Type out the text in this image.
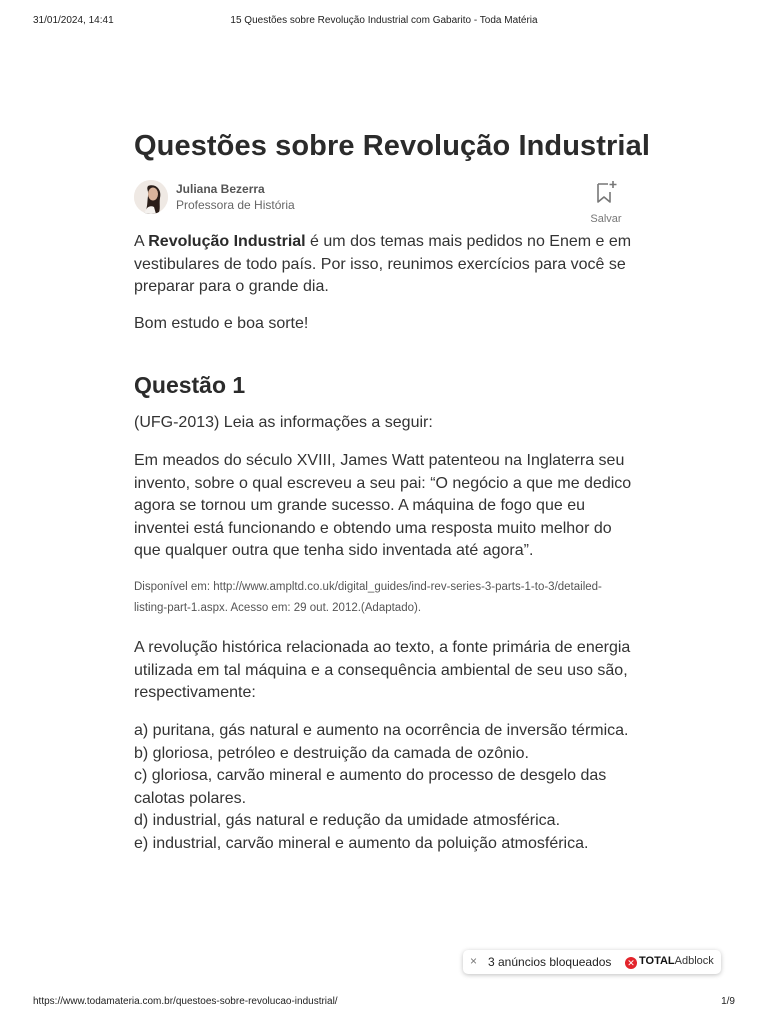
31/01/2024, 14:41	15 Questões sobre Revolução Industrial com Gabarito - Toda Matéria
Questões sobre Revolução Industrial
Juliana Bezerra
Professora de História
Salvar

A Revolução Industrial é um dos temas mais pedidos no Enem e em vestibulares de todo país. Por isso, reunimos exercícios para você se preparar para o grande dia.

Bom estudo e boa sorte!

Questão 1

(UFG-2013) Leia as informações a seguir:

Em meados do século XVIII, James Watt patenteou na Inglaterra seu invento, sobre o qual escreveu a seu pai: “O negócio a que me dedico agora se tornou um grande sucesso. A máquina de fogo que eu inventei está funcionando e obtendo uma resposta muito melhor do que qualquer outra que tenha sido inventada até agora”.

Disponível em: http://www.ampltd.co.uk/digital_guides/ind-rev-series-3-parts-1-to-3/detailed-listing-part-1.aspx. Acesso em: 29 out. 2012.(Adaptado).

A revolução histórica relacionada ao texto, a fonte primária de energia utilizada em tal máquina e a consequência ambiental de seu uso são, respectivamente:

a) puritana, gás natural e aumento na ocorrência de inversão térmica.
b) gloriosa, petróleo e destruição da camada de ozônio.
c) gloriosa, carvão mineral e aumento do processo de desgelo das calotas polares.
d) industrial, gás natural e redução da umidade atmosférica.
e) industrial, carvão mineral e aumento da poluição atmosférica.
× 3 anúncios bloqueados ✕ TOTALAdblock
https://www.todamateria.com.br/questoes-sobre-revolucao-industrial/	1/9
